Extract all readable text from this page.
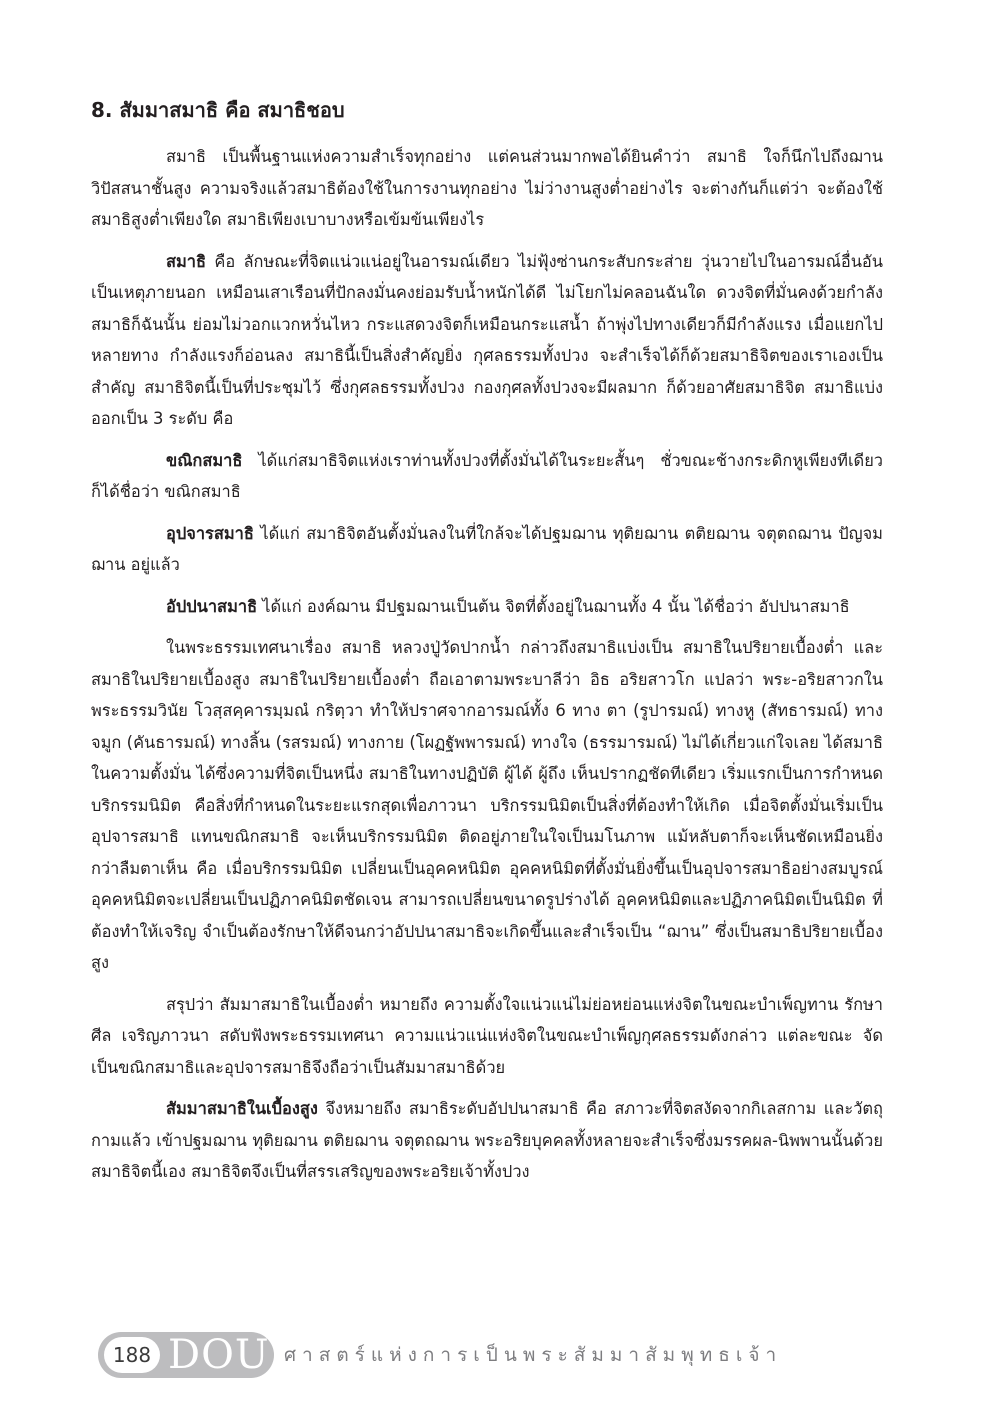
8. สัมมาสมาธิ คือ สมาธิชอบ

สมาธิ เป็นพื้นฐานแห่งความสำเร็จทุกอย่าง แต่คนส่วนมากพอได้ยินคำว่า สมาธิ ใจก็นึกไปถึงฌาน วิปัสสนาชั้นสูง ความจริงแล้วสมาธิต้องใช้ในการงานทุกอย่าง ไม่ว่างานสูงต่ำอย่างไร จะต่างกันก็แต่ว่า จะต้องใช้สมาธิสูงต่ำเพียงใด สมาธิเพียงเบาบางหรือเข้มข้นเพียงไร

สมาธิ คือ ลักษณะที่จิตแน่วแน่อยู่ในอารมณ์เดียว ไม่ฟุ้งซ่านกระสับกระส่าย วุ่นวายไปในอารมณ์อื่นอันเป็นเหตุภายนอก เหมือนเสาเรือนที่ปักลงมั่นคงย่อมรับน้ำหนักได้ดี ไม่โยกไม่คลอนฉันใด ดวงจิตที่มั่นคงด้วยกำลังสมาธิก็ฉันนั้น ย่อมไม่วอกแวกหวั่นไหว กระแสดวงจิตก็เหมือนกระแสน้ำ ถ้าพุ่งไปทางเดียวก็มีกำลังแรง เมื่อแยกไปหลายทาง กำลังแรงก็อ่อนลง สมาธินี้เป็นสิ่งสำคัญยิ่ง กุศลธรรมทั้งปวง จะสำเร็จได้ก็ด้วยสมาธิจิตของเราเองเป็นสำคัญ สมาธิจิตนี้เป็นที่ประชุมไว้ ซึ่งกุศลธรรมทั้งปวง กองกุศลทั้งปวงจะมีผลมาก ก็ด้วยอาศัยสมาธิจิต สมาธิแบ่งออกเป็น 3 ระดับ คือ

ขณิกสมาธิ ได้แก่สมาธิจิตแห่งเราท่านทั้งปวงที่ตั้งมั่นได้ในระยะสั้นๆ ชั่วขณะช้างกระดิกหูเพียงทีเดียว ก็ได้ชื่อว่า ขณิกสมาธิ

อุปจารสมาธิ ได้แก่ สมาธิจิตอันตั้งมั่นลงในที่ใกล้จะได้ปฐมฌาน ทุติยฌาน ตติยฌาน จตุตถฌาน ปัญจมฌาน อยู่แล้ว

อัปปนาสมาธิ ได้แก่ องค์ฌาน มีปฐมฌานเป็นต้น จิตที่ตั้งอยู่ในฌานทั้ง 4 นั้น ได้ชื่อว่า อัปปนาสมาธิ

ในพระธรรมเทศนาเรื่อง สมาธิ หลวงปู่วัดปากน้ำ กล่าวถึงสมาธิแบ่งเป็น สมาธิในปริยายเบื้องต่ำ และสมาธิในปริยายเบื้องสูง สมาธิในปริยายเบื้องต่ำ ถือเอาตามพระบาลีว่า อิธ อริยสาวโก แปลว่า พระ-อริยสาวกในพระธรรมวินัย โวสฺสคฺคารมฺมณํ กริตฺวา ทำให้ปราศจากอารมณ์ทั้ง 6 ทาง ตา (รูปารมณ์) ทางหู (สัทธารมณ์) ทางจมูก (คันธารมณ์) ทางลิ้น (รสรมณ์) ทางกาย (โผฏฐัพพารมณ์) ทางใจ (ธรรมารมณ์) ไม่ได้เกี่ยวแก่ใจเลย ได้สมาธิในความตั้งมั่น ได้ซึ่งความที่จิตเป็นหนึ่ง สมาธิในทางปฏิบัติ ผู้ได้ ผู้ถึง เห็นปรากฏชัดทีเดียว เริ่มแรกเป็นการกำหนด บริกรรมนิมิต คือสิ่งที่กำหนดในระยะแรกสุดเพื่อภาวนา บริกรรมนิมิตเป็นสิ่งที่ต้องทำให้เกิด เมื่อจิตตั้งมั่นเริ่มเป็นอุปจารสมาธิ แทนขณิกสมาธิ จะเห็นบริกรรมนิมิต ติดอยู่ภายในใจเป็นมโนภาพ แม้หลับตาก็จะเห็นชัดเหมือนยิ่งกว่าลืมตาเห็น คือ เมื่อบริกรรมนิมิต เปลี่ยนเป็นอุคคหนิมิต อุคคหนิมิตที่ตั้งมั่นยิ่งขึ้นเป็นอุปจารสมาธิอย่างสมบูรณ์ อุคคหนิมิตจะเปลี่ยนเป็นปฏิภาคนิมิตชัดเจน สามารถเปลี่ยนขนาดรูปร่างได้ อุคคหนิมิตและปฏิภาคนิมิตเป็นนิมิต ที่ต้องทำให้เจริญ จำเป็นต้องรักษาให้ดีจนกว่าอัปปนาสมาธิจะเกิดขึ้นและสำเร็จเป็น “ฌาน” ซึ่งเป็นสมาธิปริยายเบื้องสูง

สรุปว่า สัมมาสมาธิในเบื้องต่ำ หมายถึง ความตั้งใจแน่วแน่ไม่ย่อหย่อนแห่งจิตในขณะบำเพ็ญทาน รักษาศีล เจริญภาวนา สดับฟังพระธรรมเทศนา ความแน่วแน่แห่งจิตในขณะบำเพ็ญกุศลธรรมดังกล่าว แต่ละขณะ จัดเป็นขณิกสมาธิและอุปจารสมาธิจึงถือว่าเป็นสัมมาสมาธิด้วย

สัมมาสมาธิในเบื้องสูง จึงหมายถึง สมาธิระดับอัปปนาสมาธิ คือ สภาวะที่จิตสงัดจากกิเลสกาม และวัตถุกามแล้ว เข้าปฐมฌาน ทุติยฌาน ตติยฌาน จตุตถฌาน พระอริยบุคคลทั้งหลายจะสำเร็จซึ่งมรรคผล-นิพพานนั้นด้วยสมาธิจิตนี้เอง สมาธิจิตจึงเป็นที่สรรเสริญของพระอริยเจ้าทั้งปวง

188 DOU ศาสตร์แห่งการเป็นพระสัมมาสัมพุทธเจ้า
